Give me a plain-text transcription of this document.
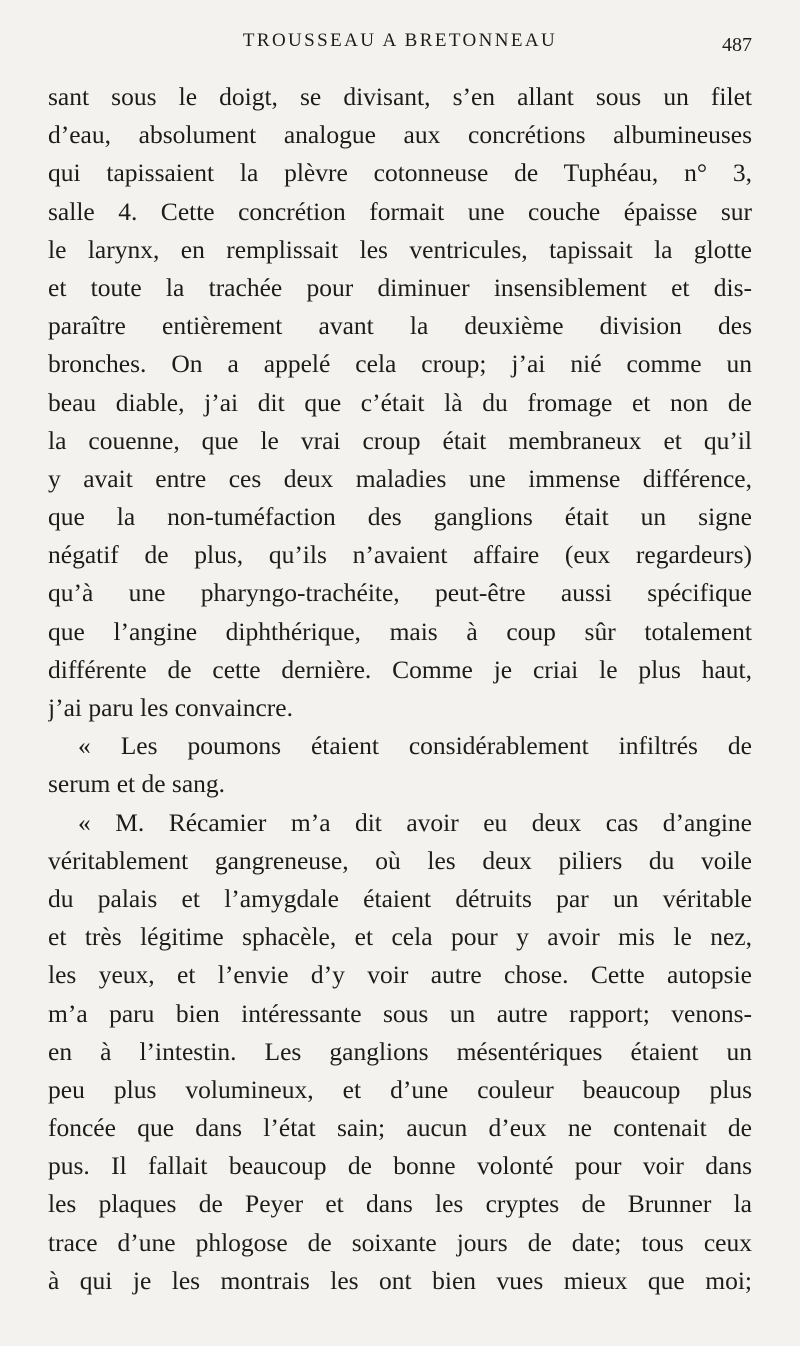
TROUSSEAU A BRETONNEAU	487
sant sous le doigt, se divisant, s’en allant sous un filet
d’eau, absolument analogue aux concrétions albumineuses
qui tapissaient la plèvre cotonneuse de Tuphéau, n° 3,
salle 4. Cette concrétion formait une couche épaisse sur
le larynx, en remplissait les ventricules, tapissait la glotte
et toute la trachée pour diminuer insensiblement et dis-
paraître entièrement avant la deuxième division des
bronches. On a appelé cela croup; j’ai nié comme un
beau diable, j’ai dit que c’était là du fromage et non de
la couenne, que le vrai croup était membraneux et qu’il
y avait entre ces deux maladies une immense différence,
que la non-tuméfaction des ganglions était un signe
négatif de plus, qu’ils n’avaient affaire (eux regardeurs)
qu’à une pharyngo-trachéite, peut-être aussi spécifique
que l’angine diphthérique, mais à coup sûr totalement
différente de cette dernière. Comme je criai le plus haut,
j’ai paru les convaincre.
« Les poumons étaient considérablement infiltrés de
serum et de sang.
« M. Récamier m’a dit avoir eu deux cas d’angine
véritablement gangreneuse, où les deux piliers du voile
du palais et l’amygdale étaient détruits par un véritable
et très légitime sphacèle, et cela pour y avoir mis le nez,
les yeux, et l’envie d’y voir autre chose. Cette autopsie
m’a paru bien intéressante sous un autre rapport; venons-
en à l’intestin. Les ganglions mésentériques étaient un
peu plus volumineux, et d’une couleur beaucoup plus
foncée que dans l’état sain; aucun d’eux ne contenait de
pus. Il fallait beaucoup de bonne volonté pour voir dans
les plaques de Peyer et dans les cryptes de Brunner la
trace d’une phlogose de soixante jours de date; tous ceux
à qui je les montrais les ont bien vues mieux que moi;
